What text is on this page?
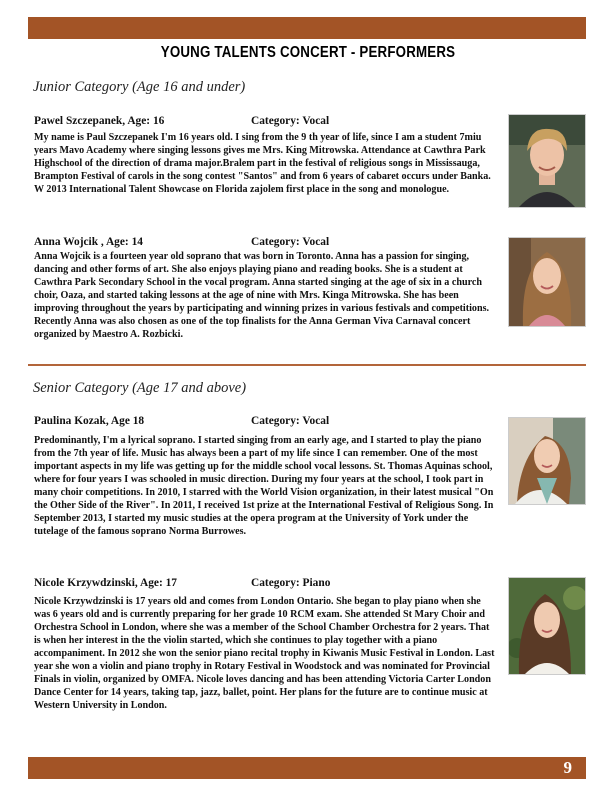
YOUNG TALENTS CONCERT - PERFORMERS
Junior Category (Age 16 and under)
Pawel Szczepanek, Age: 16	Category: Vocal

My name is Paul Szczepanek I'm 16 years old. I sing from the 9 th year of life, since I am a student 7miu years Mavo Academy where singing lessons gives me Mrs. King Mitrowska. Attendance at Cawthra Park Highschool of the direction of drama major.Bralem part in the festival of religious songs in Mississauga, Brampton Festival of carols in the song contest "Santos" and from 6 years of cabaret occurs under Banka. W 2013 International Talent Showcase on Florida zajolem first place in the song and monologue.

Anna Wojcik , Age: 14	Category: Vocal

Anna Wojcik is a fourteen year old soprano that was born in Toronto. Anna has a passion for singing, dancing and other forms of art. She also enjoys playing piano and reading books. She is a student at Cawthra Park Secondary School in the vocal program. Anna started singing at the age of six in a church choir, Oaza, and started taking lessons at the age of nine with Mrs. Kinga Mitrowska. She has been improving throughout the years by participating and winning prizes in various festivals and competitions. Recently Anna was also chosen as one of the top finalists for the Anna German Viva Carnaval concert organized by Maestro A. Rozbicki.

Senior Category (Age 17 and above)
Paulina Kozak, Age 18	Category: Vocal

Predominantly, I'm a lyrical soprano. I started singing from an early age, and I started to play the piano from the 7th year of life. Music has always been a part of my life since I can remember. One of the most important aspects in my life was getting up for the middle school vocal lessons. St. Thomas Aquinas school, where for four years I was schooled in music direction. During my four years at the school, I took part in many choir competitions. In 2010, I starred with the World Vision organization, in their latest musical "On the Other Side of the River". In 2011, I received 1st prize at the International Festival of Religious Song. In September 2013, I started my music studies at the opera program at the University of York under the tutelage of the famous soprano Norma Burrowes.

Nicole Krzywdzinski, Age: 17	Category: Piano

Nicole Krzywdzinski is 17 years old and comes from London Ontario. She began to play piano when she was 6 years old and is currently preparing for her grade 10 RCM exam. She attended St Mary Choir and Orchestra School in London, where she was a member of the School Chamber Orchestra for 2 years. That is when her interest in the the violin started, which she continues to play together with a piano accompaniment. In 2012 she won the senior piano recital trophy in Kiwanis Music Festival in London. Last year she won a violin and piano trophy in Rotary Festival in Woodstock and was nominated for Provincial Finals in violin, organized by OMFA. Nicole loves dancing and has been attending Victoria Carter London Dance Center for 14 years, taking tap, jazz, ballet, point. Her plans for the future are to continue music at Western University in London.

9
